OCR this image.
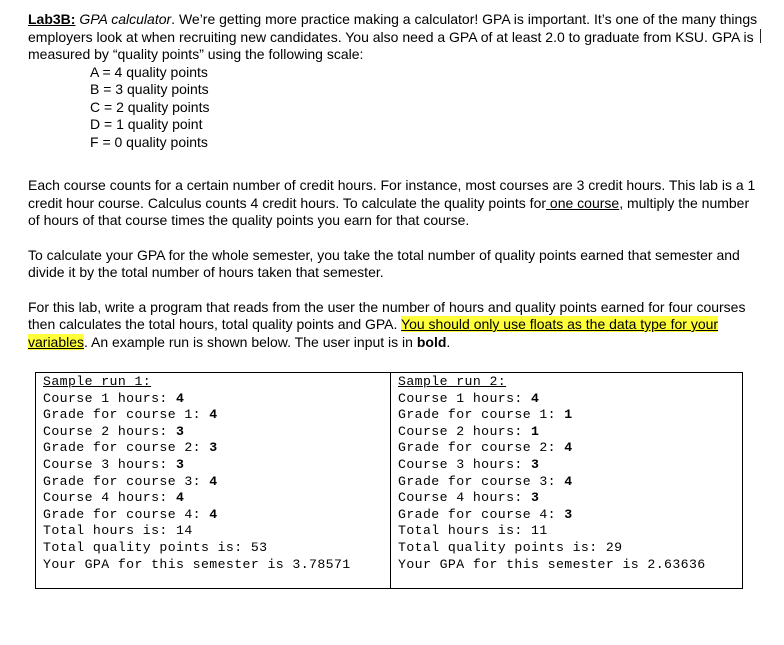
Lab3B: GPA calculator. We’re getting more practice making a calculator! GPA is important. It’s one of the many things employers look at when recruiting new candidates. You also need a GPA of at least 2.0 to graduate from KSU. GPA is measured by “quality points” using the following scale:

A = 4 quality points
B = 3 quality points
C = 2 quality points
D = 1 quality point
F = 0 quality points

Each course counts for a certain number of credit hours. For instance, most courses are 3 credit hours. This lab is a 1 credit hour course. Calculus counts 4 credit hours. To calculate the quality points for one course, multiply the number of hours of that course times the quality points you earn for that course.

To calculate your GPA for the whole semester, you take the total number of quality points earned that semester and divide it by the total number of hours taken that semester.

For this lab, write a program that reads from the user the number of hours and quality points earned for four courses then calculates the total hours, total quality points and GPA. You should only use floats as the data type for your variables. An example run is shown below. The user input is in bold.

Sample run 1:
Course 1 hours: 4
Grade for course 1: 4
Course 2 hours: 3
Grade for course 2: 3
Course 3 hours: 3
Grade for course 3: 4
Course 4 hours: 4
Grade for course 4: 4
Total hours is: 14
Total quality points is: 53
Your GPA for this semester is 3.78571
Sample run 2:
Course 1 hours: 4
Grade for course 1: 1
Course 2 hours: 1
Grade for course 2: 4
Course 3 hours: 3
Grade for course 3: 4
Course 4 hours: 3
Grade for course 4: 3
Total hours is: 11
Total quality points is: 29
Your GPA for this semester is 2.63636
